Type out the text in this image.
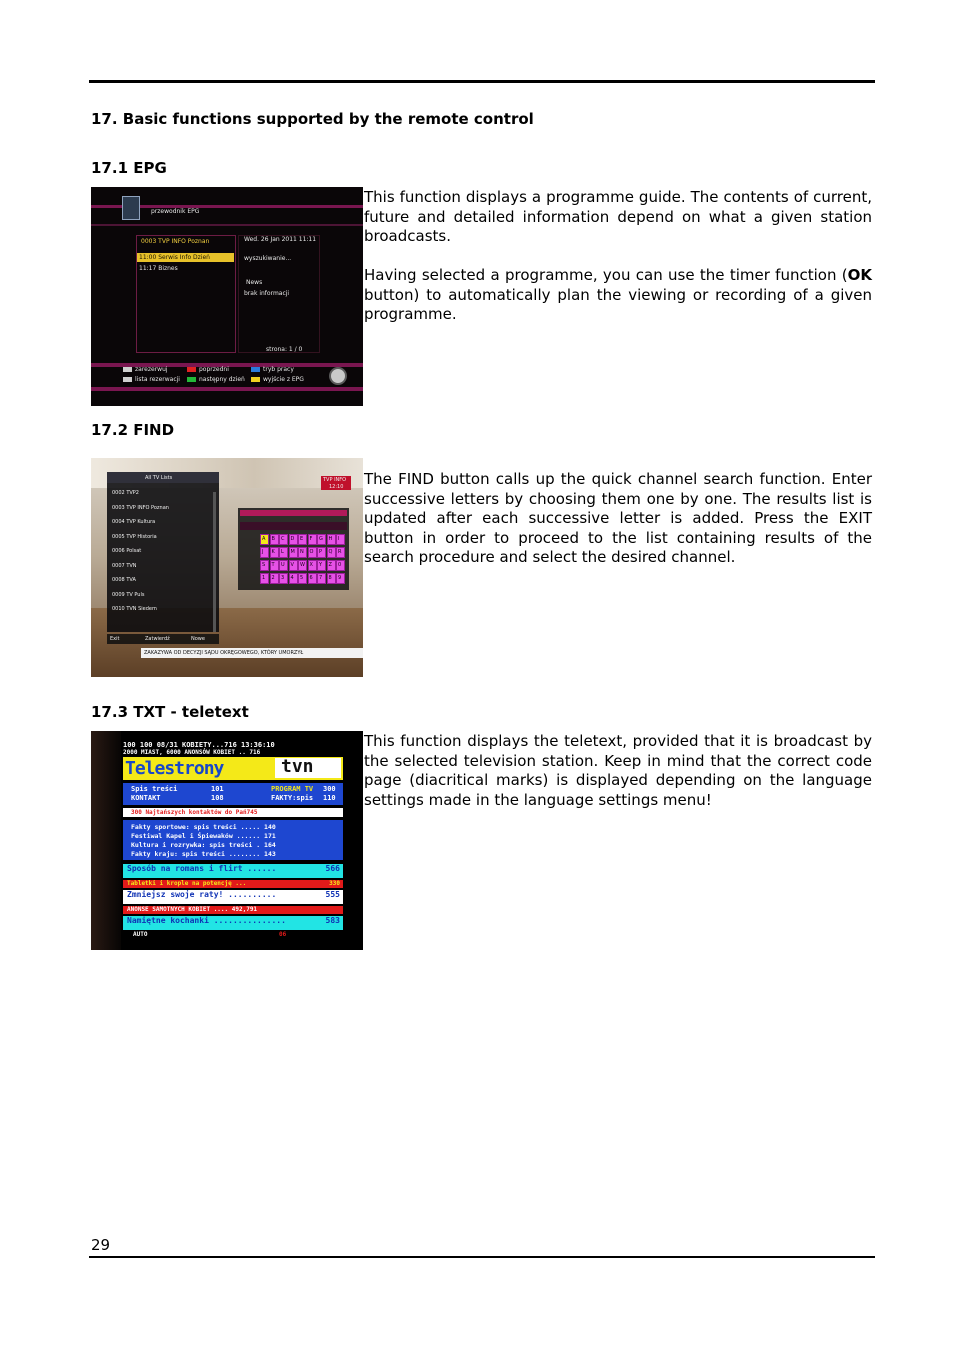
17. Basic functions supported by the remote control
17.1 EPG
przewodnik EPG
0003 TVP INFO Poznan
11:00 Serwis Info Dzień
11:17 Biznes
Wed. 26 Jan 2011 11:11
wyszukiwanie...
News
brak informacji
strona: 1 / 0
zarezerwuj
lista rezerwacji
poprzedni
następny dzień
tryb pracy
wyjście z EPG
This function displays a programme guide. The contents of current, future and detailed information depend on what a given station broadcasts.
Having selected a programme, you can use the timer function (OK button) to automatically plan the viewing or recording of a given programme.
17.2 FIND
All TV Lists
0002 TVP2
0003 TVP INFO Poznan
0004 TVP Kultura
0005 TVP Historia
0006 Polsat
0007 TVN
0008 TVA
0009 TV Puls
0010 TVN Siedem
TVP INFO
12:10
A B C D E F G H I
J K L M N O P Q R
S T U V W X Y Z 0
1 2 3 4 5 6 7 8 9
Exit	Zatwierdź	Nowe
ZAKAZYWA OD DECYZJI SĄDU OKRĘGOWEGO, KTÓRY UMORZYŁ
The FIND button calls up the quick channel search function. Enter successive letters by choosing them one by one. The results list is updated after each successive letter is added. Press the EXIT button in order to proceed to the list containing results of the search procedure and select the desired channel.
17.3 TXT - teletext
100 100 08/31 KOBIETY...716 13:36:10
2000 MIAST, 6000 ANONSÓW KOBIET .. 716
Telestrony	tvn
Spis treści	101	PROGRAM TV 300
KONTAKT	108	FAKTY:spis 110
300 Najtańszych kontaktów do Pań745
Fakty sportowe: spis treści ..... 140
Festiwal Kapel i Śpiewaków ...... 171
Kultura i rozrywka: spis treści . 164
Fakty kraju: spis treści ........ 143
Sposób na romans i flirt ......	566
Tabletki i krople na potencję ...	330
Zmniejsz swoje raty! ..........	555
ANONSE SAMOTNYCH KOBIET .... 492,791
Namiętne kochanki ...............	583
AUTO	06
This function displays the teletext, provided that it is broadcast by the selected television station. Keep in mind that the correct code page (diacritical marks) is displayed depending on the language settings made in the language settings menu!
29
